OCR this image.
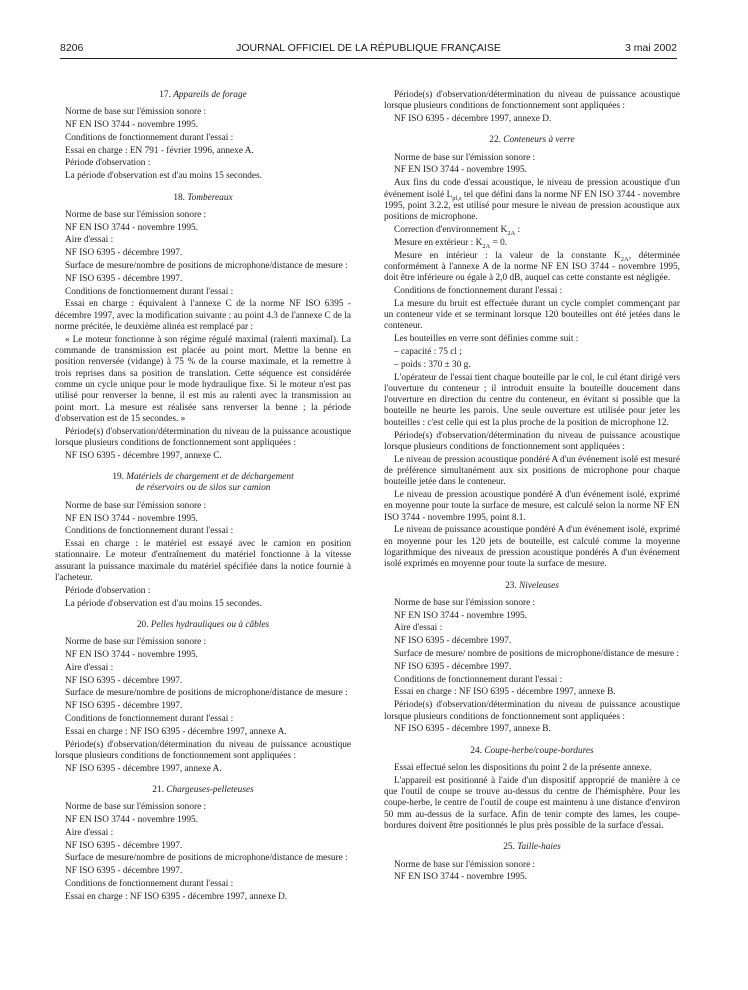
8206	JOURNAL OFFICIEL DE LA RÉPUBLIQUE FRANÇAISE	3 mai 2002
17. Appareils de forage

Norme de base sur l'émission sonore :

NF EN ISO 3744 - novembre 1995.

Conditions de fonctionnement durant l'essai :

Essai en charge : EN 791 - février 1996, annexe A.

Période d'observation :

La période d'observation est d'au moins 15 secondes.

18. Tombereaux

Norme de base sur l'émission sonore :

NF EN ISO 3744 - novembre 1995.

Aire d'essai :

NF ISO 6395 - décembre 1997.

Surface de mesure/nombre de positions de microphone/distance de mesure :

NF ISO 6395 - décembre 1997.

Conditions de fonctionnement durant l'essai :

Essai en charge : équivalent à l'annexe C de la norme NF ISO 6395 - décembre 1997, avec la modification suivante : au point 4.3 de l'annexe C de la norme précitée, le deuxième alinéa est remplacé par :

« Le moteur fonctionne à son régime régulé maximal (ralenti maximal). La commande de transmission est placée au point mort. Mettre la benne en position renversée (vidange) à 75 % de la course maximale, et la remettre à trois reprises dans sa position de translation. Cette séquence est considérée comme un cycle unique pour le mode hydraulique fixe. Si le moteur n'est pas utilisé pour renverser la benne, il est mis au ralenti avec la transmission au point mort. La mesure est réalisée sans renverser la benne ; la période d'observation est de 15 secondes. »

Période(s) d'observation/détermination du niveau de la puissance acoustique lorsque plusieurs conditions de fonctionnement sont appliquées :

NF ISO 6395 - décembre 1997, annexe C.

19. Matériels de chargement et de déchargement
de réservoirs ou de silos sur camion

Norme de base sur l'émission sonore :

NF EN ISO 3744 - novembre 1995.

Conditions de fonctionnement durant l'essai :

Essai en charge : le matériel est essayé avec le camion en position stationnaire. Le moteur d'entraînement du matériel fonctionne à la vitesse assurant la puissance maximale du matériel spécifiée dans la notice fournie à l'acheteur.

Période d'observation :

La période d'observation est d'au moins 15 secondes.

20. Pelles hydrauliques ou à câbles

Norme de base sur l'émission sonore :

NF EN ISO 3744 - novembre 1995.

Aire d'essai :

NF ISO 6395 - décembre 1997.

Surface de mesure/nombre de positions de microphone/distance de mesure :

NF ISO 6395 - décembre 1997.

Conditions de fonctionnement durant l'essai :

Essai en charge : NF ISO 6395 - décembre 1997, annexe A.

Période(s) d'observation/détermination du niveau de puissance acoustique lorsque plusieurs conditions de fonctionnement sont appliquées :

NF ISO 6395 - décembre 1997, annexe A.

21. Chargeuses-pelleteuses

Norme de base sur l'émission sonore :

NF EN ISO 3744 - novembre 1995.

Aire d'essai :

NF ISO 6395 - décembre 1997.

Surface de mesure/nombre de positions de microphone/distance de mesure :

NF ISO 6395 - décembre 1997.

Conditions de fonctionnement durant l'essai :

Essai en charge : NF ISO 6395 - décembre 1997, annexe D.

Période(s) d'observation/détermination du niveau de puissance acoustique lorsque plusieurs conditions de fonctionnement sont appliquées :

NF ISO 6395 - décembre 1997, annexe D.

22. Conteneurs à verre

Norme de base sur l'émission sonore :

NF EN ISO 3744 - novembre 1995.

Aux fins du code d'essai acoustique, le niveau de pression acoustique d'un événement isolé $L_{pl,s}$ tel que défini dans la norme NF EN ISO 3744 - novembre 1995, point 3.2.2, est utilisé pour mesure le niveau de pression acoustique aux positions de microphone.

Correction d'environnement $K_{2A}$ :

Mesure en extérieur : $K_{2A} = 0$.

Mesure en intérieur : la valeur de la constante $K_{2A}$, déterminée conformément à l'annexe A de la norme NF EN ISO 3744 - novembre 1995, doit être inférieure ou égale à 2,0 dB, auquel cas cette constante est négligée.

Conditions de fonctionnement durant l'essai :

La mesure du bruit est effectuée durant un cycle complet commençant par un conteneur vide et se terminant lorsque 120 bouteilles ont été jetées dans le conteneur.

Les bouteilles en verre sont définies comme suit :

– capacité : 75 cl ;

– poids : 370 ± 30 g.

L'opérateur de l'essai tient chaque bouteille par le col, le cul étant dirigé vers l'ouverture du conteneur ; il introduit ensuite la bouteille doucement dans l'ouverture en direction du centre du conteneur, en évitant si possible que la bouteille ne heurte les parois. Une seule ouverture est utilisée pour jeter les bouteilles : c'est celle qui est la plus proche de la position de microphone 12.

Période(s) d'observation/détermination du niveau de puissance acoustique lorsque plusieurs conditions de fonctionnement sont appliquées :

Le niveau de pression acoustique pondéré A d'un événement isolé est mesuré de préférence simultanément aux six positions de microphone pour chaque bouteille jetée dans le conteneur.

Le niveau de pression acoustique pondéré A d'un événement isolé, exprimé en moyenne pour toute la surface de mesure, est calculé selon la norme NF EN ISO 3744 - novembre 1995, point 8.1.

Le niveau de puissance acoustique pondéré A d'un événement isolé, exprimé en moyenne pour les 120 jets de bouteille, est calculé comme la moyenne logarithmique des niveaux de pression acoustique pondérés A d'un événement isolé exprimés en moyenne pour toute la surface de mesure.

23. Niveleuses

Norme de base sur l'émission sonore :

NF EN ISO 3744 - novembre 1995.

Aire d'essai :

NF ISO 6395 - décembre 1997.

Surface de mesure/ nombre de positions de microphone/distance de mesure :

NF ISO 6395 - décembre 1997.

Conditions de fonctionnement durant l'essai :

Essai en charge : NF ISO 6395 - décembre 1997, annexe B.

Période(s) d'observation/détermination du niveau de puissance acoustique lorsque plusieurs conditions de fonctionnement sont appliquées :

NF ISO 6395 - décembre 1997, annexe B.

24. Coupe-herbe/coupe-bordures

Essai effectué selon les dispositions du point 2 de la présente annexe.

L'appareil est positionné à l'aide d'un dispositif approprié de manière à ce que l'outil de coupe se trouve au-dessus du centre de l'hémisphère. Pour les coupe-herbe, le centre de l'outil de coupe est maintenu à une distance d'environ 50 mm au-dessus de la surface. Afin de tenir compte des lames, les coupe-bordures doivent être positionnés le plus près possible de la surface d'essai.

25. Taille-haies

Norme de base sur l'émission sonore :

NF EN ISO 3744 - novembre 1995.
